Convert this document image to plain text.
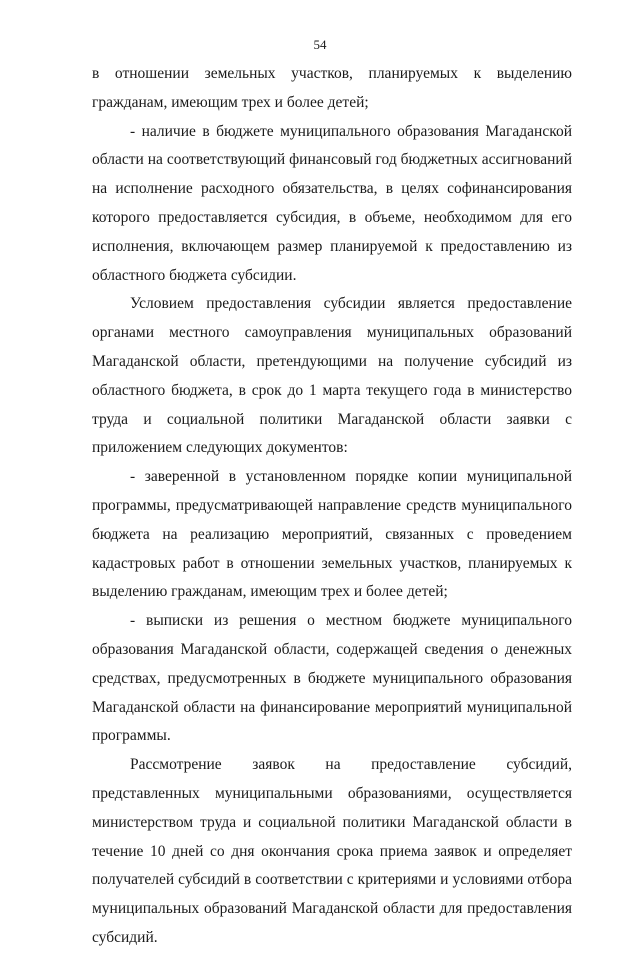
54

в отношении земельных участков, планируемых к выделению гражданам, имеющим трех и более детей;

- наличие в бюджете муниципального образования Магаданской области на соответствующий финансовый год бюджетных ассигнований на исполнение расходного обязательства, в целях софинансирования которого предоставляется субсидия, в объеме, необходимом для его исполнения, включающем размер планируемой к предоставлению из областного бюджета субсидии.

Условием предоставления субсидии является предоставление органами местного самоуправления муниципальных образований Магаданской области, претендующими на получение субсидий из областного бюджета, в срок до 1 марта текущего года в министерство труда и социальной политики Магаданской области заявки с приложением следующих документов:

- заверенной в установленном порядке копии муниципальной программы, предусматривающей направление средств муниципального бюджета на реализацию мероприятий, связанных с проведением кадастровых работ в отношении земельных участков, планируемых к выделению гражданам, имеющим трех и более детей;

- выписки из решения о местном бюджете муниципального образования Магаданской области, содержащей сведения о денежных средствах, предусмотренных в бюджете муниципального образования Магаданской области на финансирование мероприятий муниципальной программы.

Рассмотрение заявок на предоставление субсидий, представленных муниципальными образованиями, осуществляется министерством труда и социальной политики Магаданской области в течение 10 дней со дня окончания срока приема заявок и определяет получателей субсидий в соответствии с критериями и условиями отбора муниципальных образований Магаданской области для предоставления субсидий.
